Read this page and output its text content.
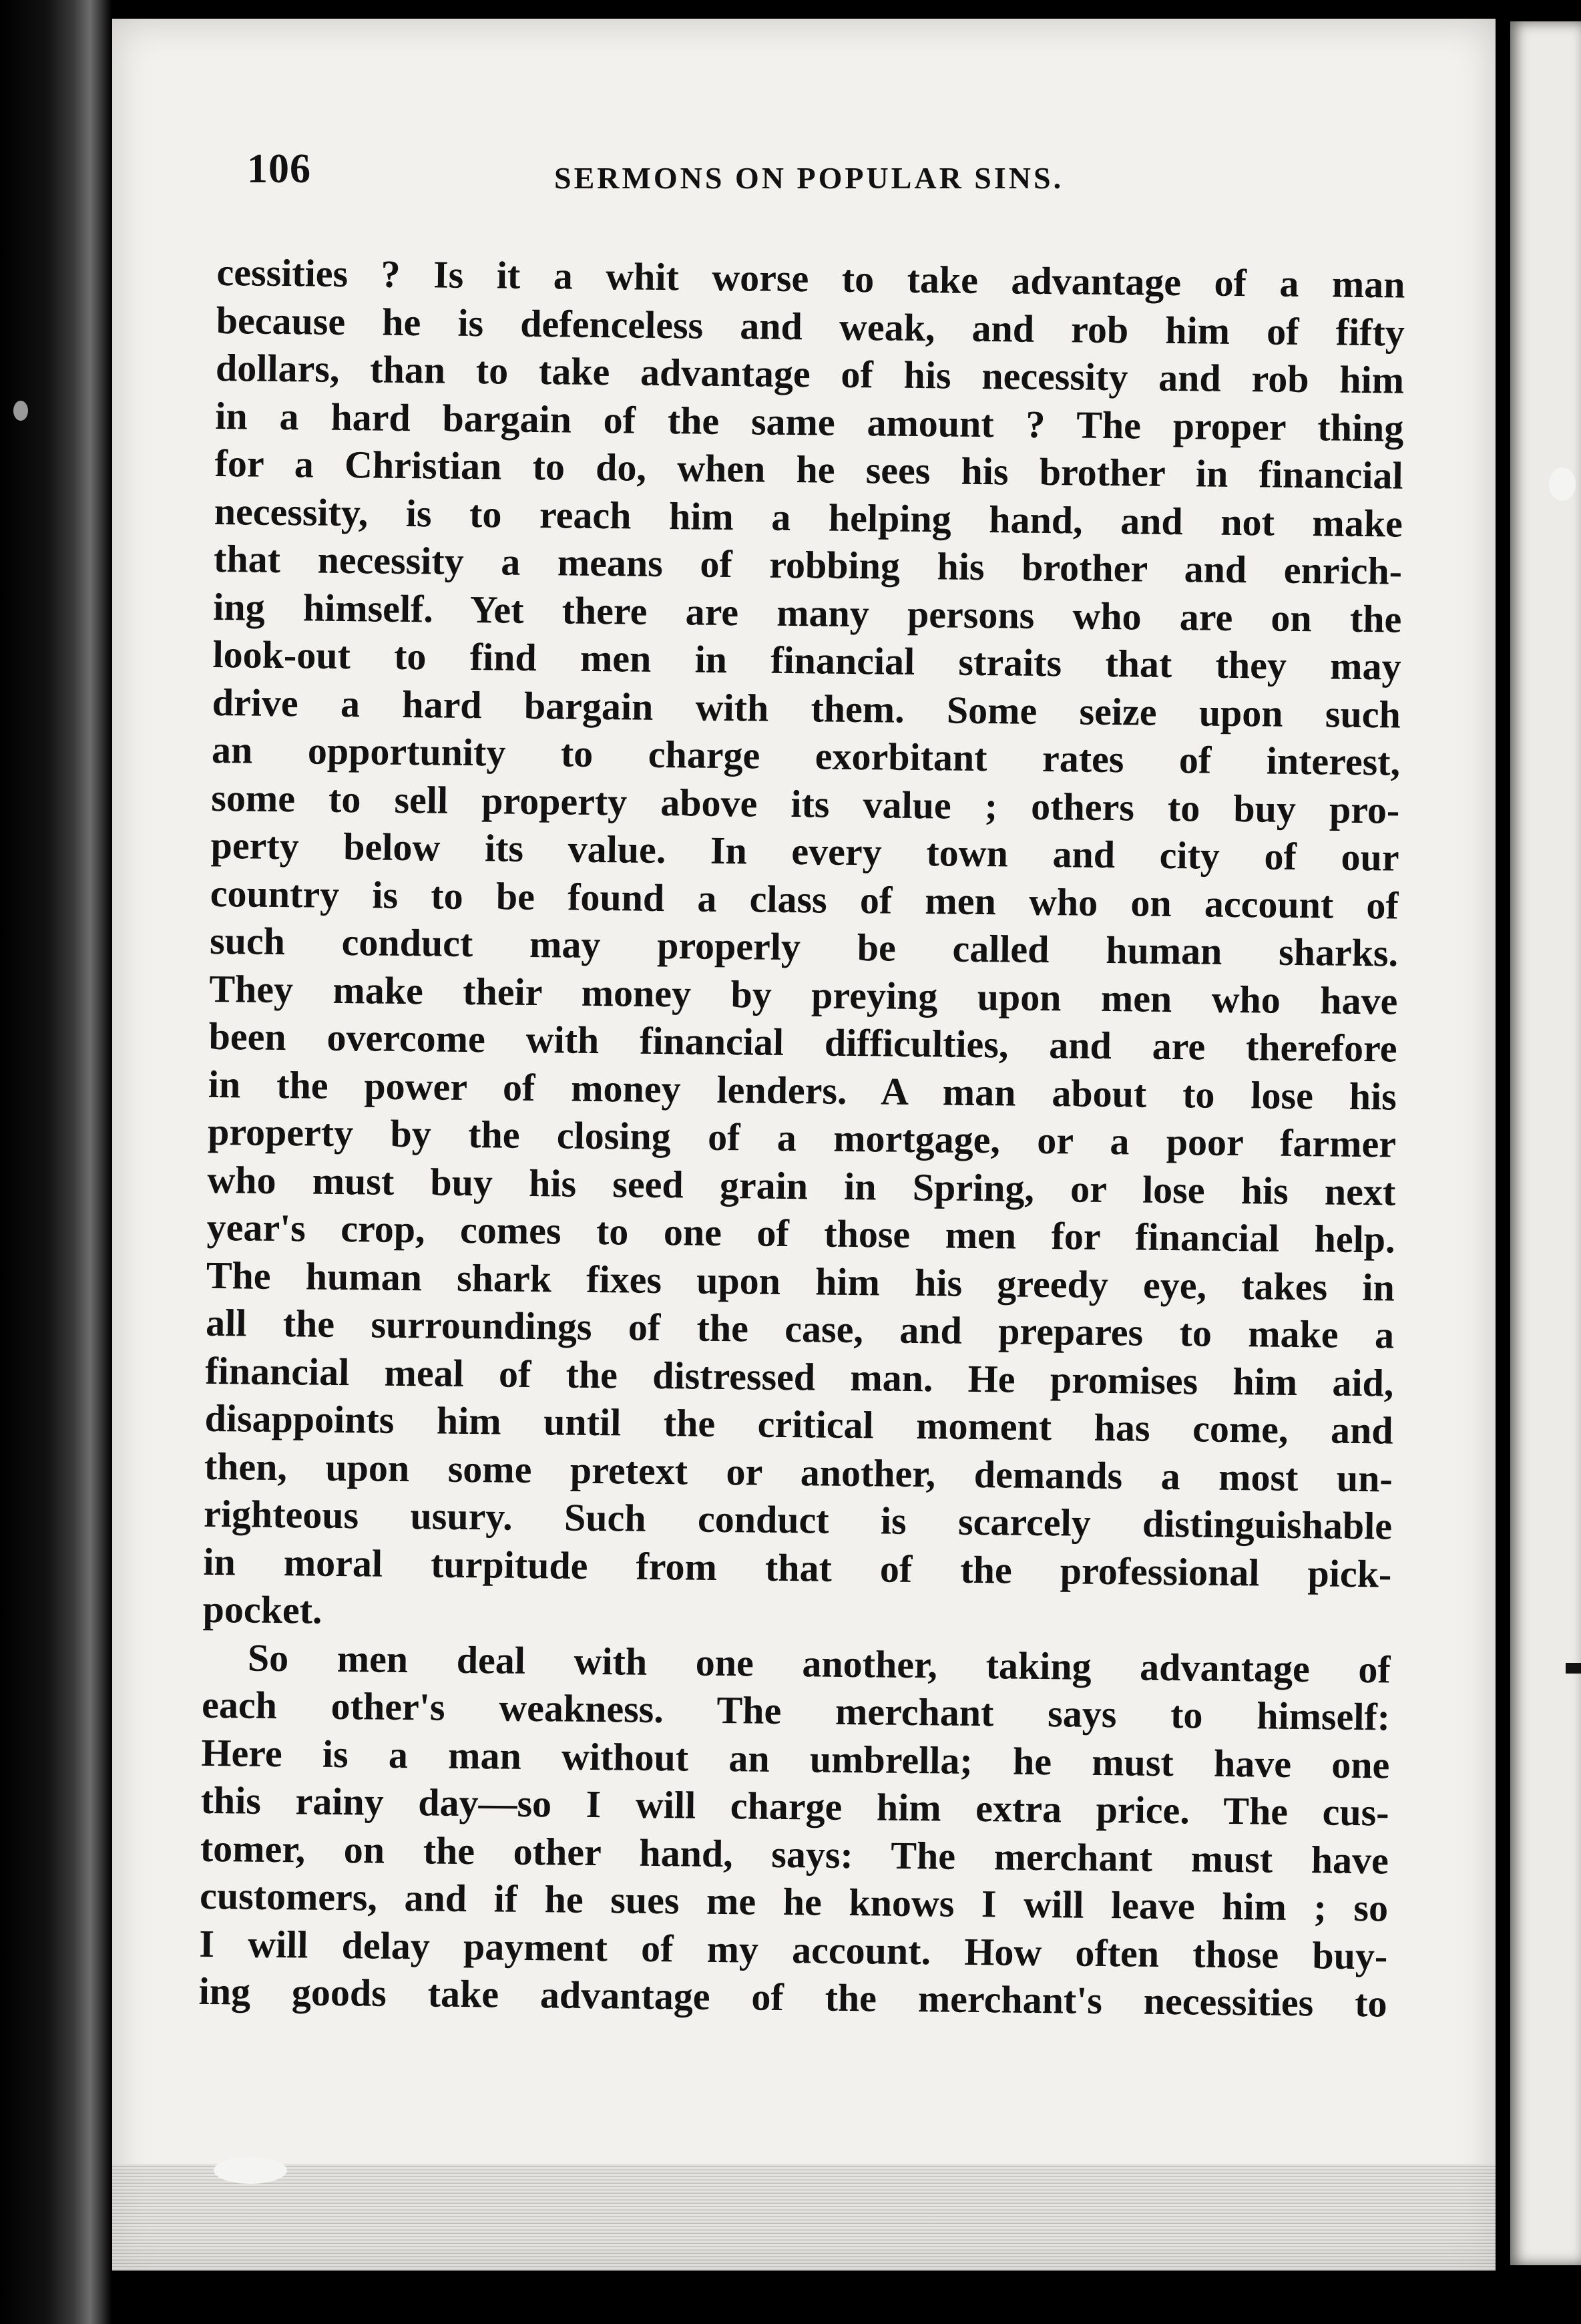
106	SERMONS ON POPULAR SINS.
cessities ? Is it a whit worse to take advantage of a man
because he is defenceless and weak, and rob him of fifty
dollars, than to take advantage of his necessity and rob him
in a hard bargain of the same amount ? The proper thing
for a Christian to do, when he sees his brother in financial
necessity, is to reach him a helping hand, and not make
that necessity a means of robbing his brother and enrich-
ing himself. Yet there are many persons who are on the
look-out to find men in financial straits that they may
drive a hard bargain with them. Some seize upon such
an opportunity to charge exorbitant rates of interest,
some to sell property above its value ; others to buy pro-
perty below its value. In every town and city of our
country is to be found a class of men who on account of
such conduct may properly be called human sharks.
They make their money by preying upon men who have
been overcome with financial difficulties, and are therefore
in the power of money lenders. A man about to lose his
property by the closing of a mortgage, or a poor farmer
who must buy his seed grain in Spring, or lose his next
year's crop, comes to one of those men for financial help.
The human shark fixes upon him his greedy eye, takes in
all the surroundings of the case, and prepares to make a
financial meal of the distressed man. He promises him aid,
disappoints him until the critical moment has come, and
then, upon some pretext or another, demands a most un-
righteous usury. Such conduct is scarcely distinguishable
in moral turpitude from that of the professional pick-
pocket.
So men deal with one another, taking advantage of
each other's weakness. The merchant says to himself:
Here is a man without an umbrella; he must have one
this rainy day—so I will charge him extra price. The cus-
tomer, on the other hand, says: The merchant must have
customers, and if he sues me he knows I will leave him ; so
I will delay payment of my account. How often those buy-
ing goods take advantage of the merchant's necessities to
